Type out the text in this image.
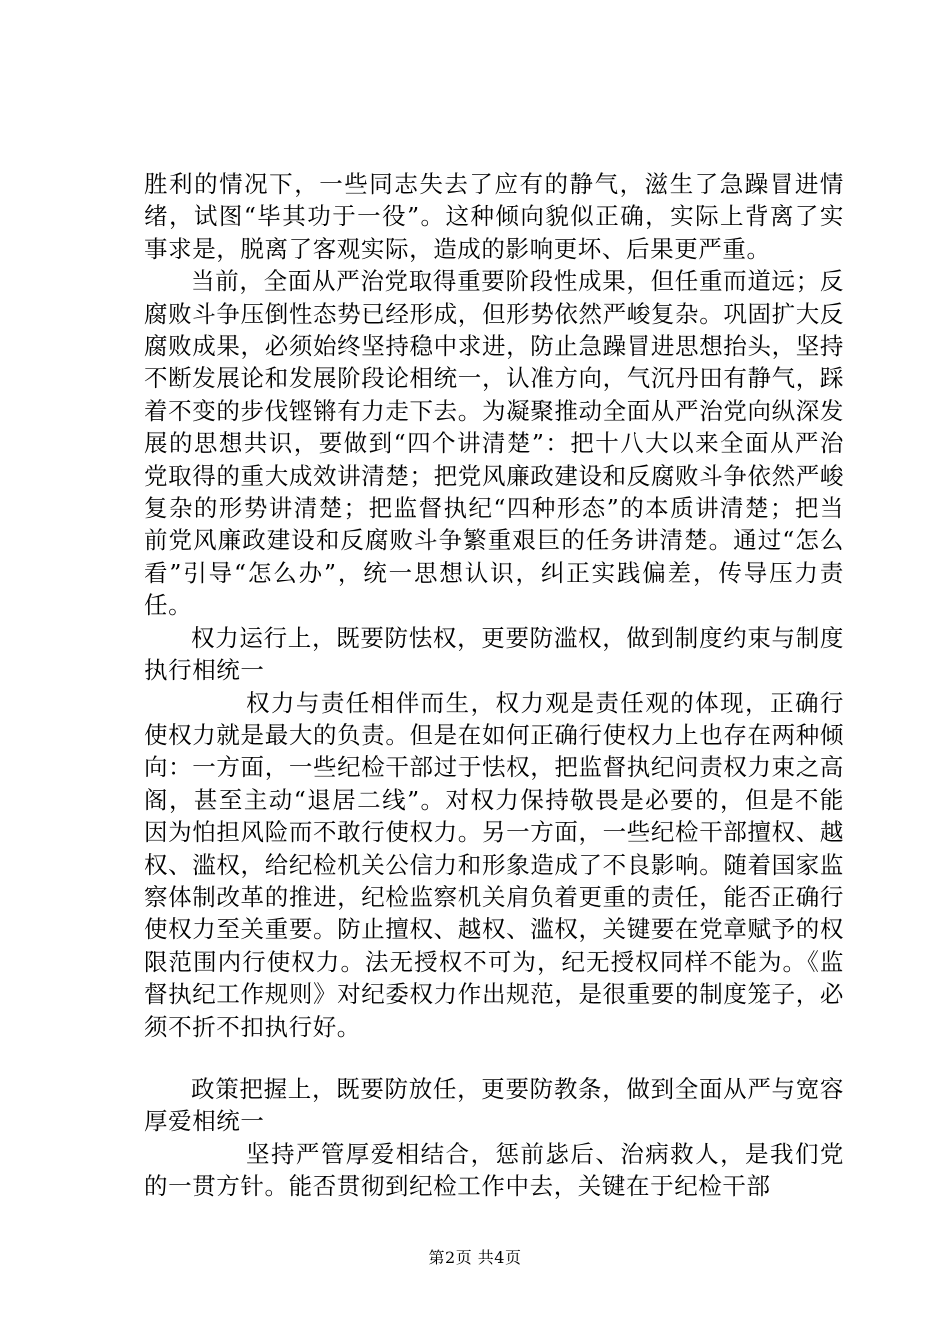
胜利的情况下，一些同志失去了应有的静气，滋生了急躁冒进情绪，试图“毕其功于一役”。这种倾向貌似正确，实际上背离了实事求是，脱离了客观实际，造成的影响更坏、后果更严重。

当前，全面从严治党取得重要阶段性成果，但任重而道远；反腐败斗争压倒性态势已经形成，但形势依然严峻复杂。巩固扩大反腐败成果，必须始终坚持稳中求进，防止急躁冒进思想抬头，坚持不断发展论和发展阶段论相统一，认准方向，气沉丹田有静气，踩着不变的步伐铿锵有力走下去。为凝聚推动全面从严治党向纵深发展的思想共识，要做到“四个讲清楚”：把十八大以来全面从严治党取得的重大成效讲清楚；把党风廉政建设和反腐败斗争依然严峻复杂的形势讲清楚；把监督执纪“四种形态”的本质讲清楚；把当前党风廉政建设和反腐败斗争繁重艰巨的任务讲清楚。通过“怎么看”引导“怎么办”，统一思想认识，纠正实践偏差，传导压力责任。

权力运行上，既要防怯权，更要防滥权，做到制度约束与制度执行相统一

权力与责任相伴而生，权力观是责任观的体现，正确行使权力就是最大的负责。但是在如何正确行使权力上也存在两种倾向：一方面，一些纪检干部过于怯权，把监督执纪问责权力束之高阁，甚至主动“退居二线”。对权力保持敬畏是必要的，但是不能因为怕担风险而不敢行使权力。另一方面，一些纪检干部擅权、越权、滥权，给纪检机关公信力和形象造成了不良影响。随着国家监察体制改革的推进，纪检监察机关肩负着更重的责任，能否正确行使权力至关重要。防止擅权、越权、滥权，关键要在党章赋予的权限范围内行使权力。法无授权不可为，纪无授权同样不能为。《监督执纪工作规则》对纪委权力作出规范，是很重要的制度笼子，必须不折不扣执行好。

政策把握上，既要防放任，更要防教条，做到全面从严与宽容厚爱相统一

坚持严管厚爱相结合，惩前毖后、治病救人，是我们党的一贯方针。能否贯彻到纪检工作中去，关键在于纪检干部

第2页 共4页
